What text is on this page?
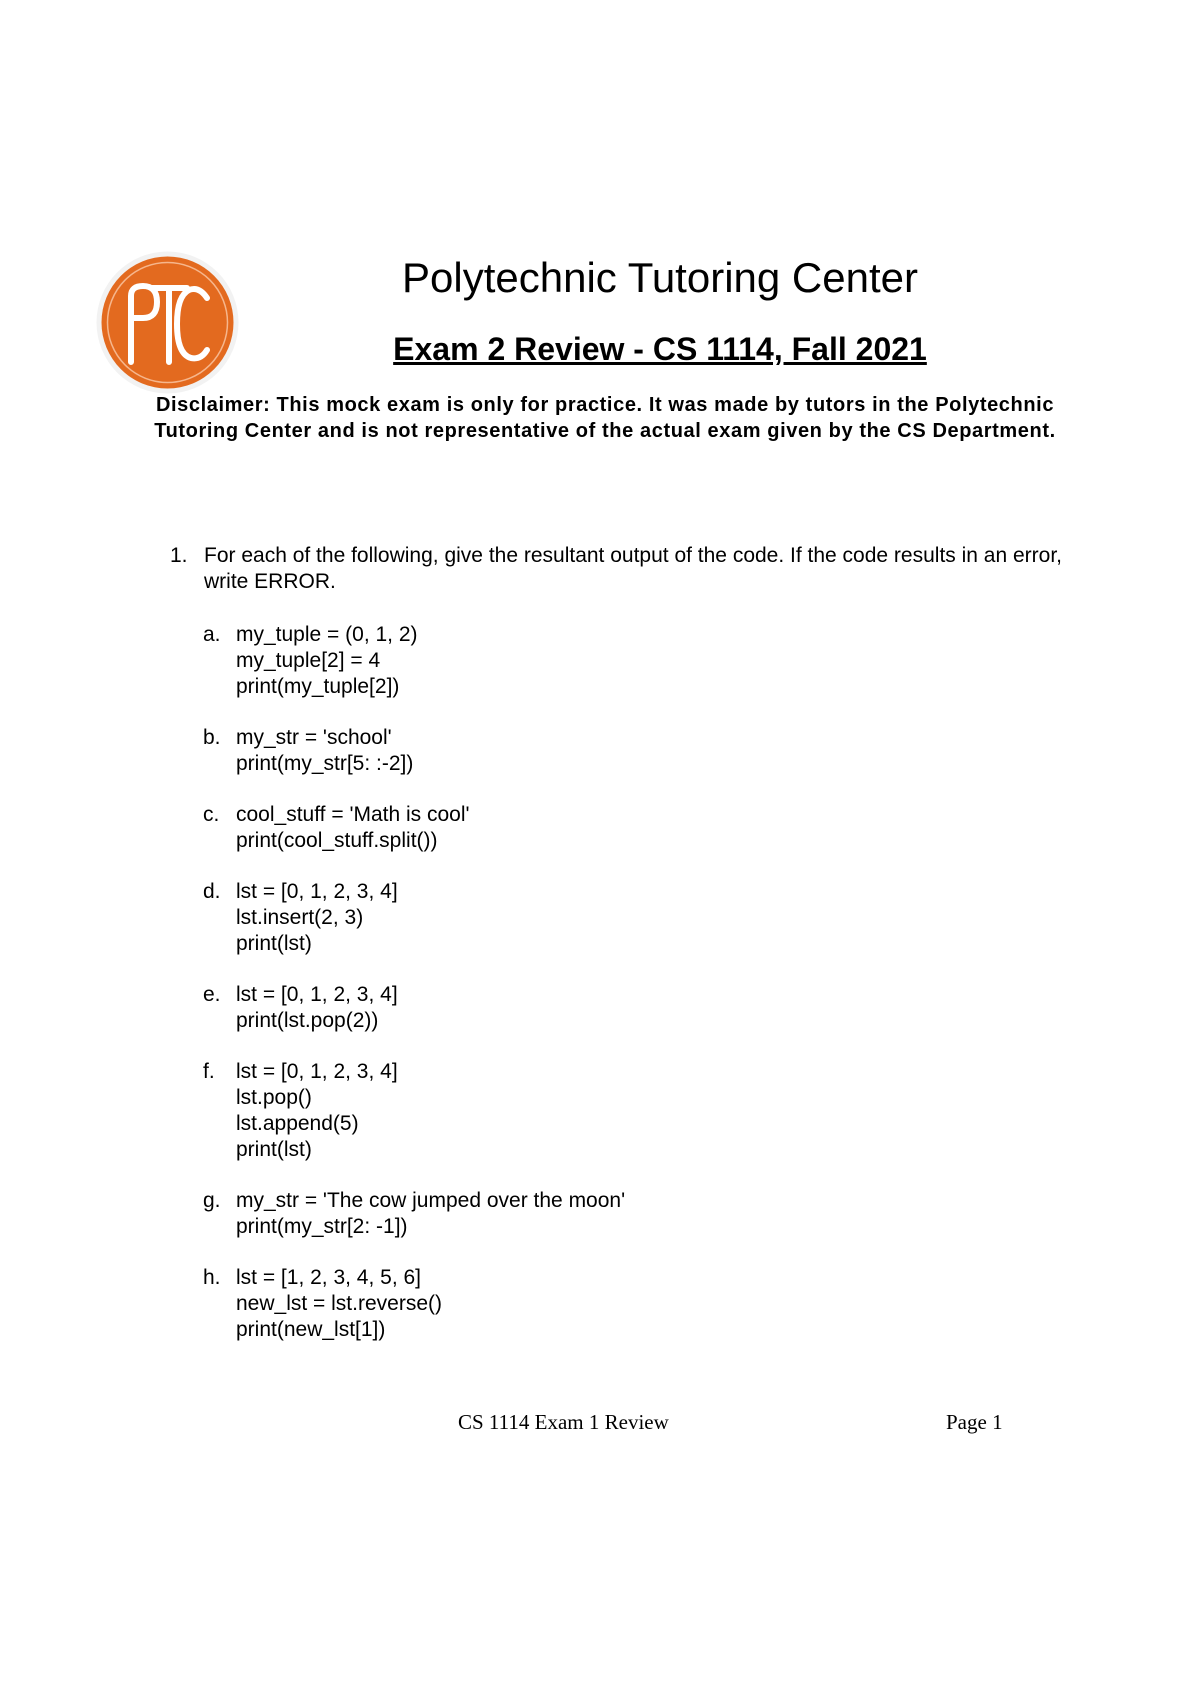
Polytechnic Tutoring Center
Exam 2 Review - CS 1114, Fall 2021

Disclaimer: This mock exam is only for practice. It was made by tutors in the Polytechnic Tutoring Center and is not representative of the actual exam given by the CS Department.

1. For each of the following, give the resultant output of the code. If the code results in an error, write ERROR.
a. my_tuple = (0, 1, 2)
my_tuple[2] = 4
print(my_tuple[2])
b. my_str = 'school'
print(my_str[5: :-2])
c. cool_stuff = 'Math is cool'
print(cool_stuff.split())
d. lst = [0, 1, 2, 3, 4]
lst.insert(2, 3)
print(lst)
e. lst = [0, 1, 2, 3, 4]
print(lst.pop(2))
f. lst = [0, 1, 2, 3, 4]
lst.pop()
lst.append(5)
print(lst)
g. my_str = 'The cow jumped over the moon'
print(my_str[2: -1])
h. lst = [1, 2, 3, 4, 5, 6]
new_lst = lst.reverse()
print(new_lst[1])
CS 1114 Exam 1 Review	Page 1
